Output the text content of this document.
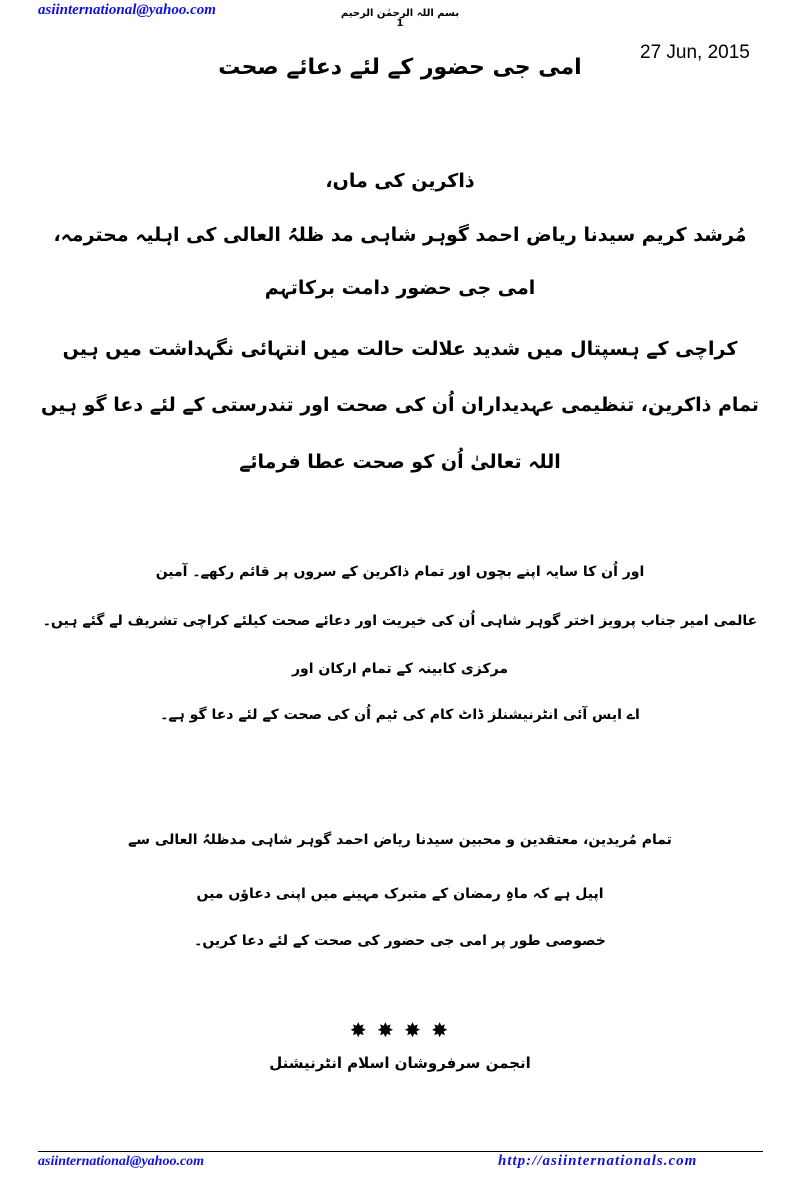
asiinternational@yahoo.com	بسم اللہ الرحمٰن الرحیم
1
27 Jun, 2015
امی جی حضور کے لئے دعائے صحت
ذاکرین کی ماں،
مُرشد کریم سیدنا ریاض احمد گوہر شاہی مد ظلہُ العالی کی اہلیہ محترمہ،
امی جی حضور دامت برکاتہم
کراچی کے ہسپتال میں شدید علالت حالت میں انتہائی نگہداشت میں ہیں
تمام ذاکرین، تنظیمی عہدیداران اُن کی صحت اور تندرستی کے لئے دعا گو ہیں
اللہ تعالیٰ اُن کو صحت عطا فرمائے
اور اُن کا سایہ اپنے بچوں اور تمام ذاکرین کے سروں پر قائم رکھے۔ آمین
عالمی امیر جناب پرویز اختر گوہر شاہی اُن کی خیریت اور دعائے صحت کیلئے کراچی تشریف لے گئے ہیں۔
مرکزی کابینہ کے تمام ارکان اور
اے ایس آئی انٹرنیشنلز ڈاٹ کام کی ٹیم اُن کی صحت کے لئے دعا گو ہے۔
تمام مُریدین، معتقدین و محبین سیدنا ریاض احمد گوہر شاہی مدظلہُ العالی سے
اپیل ہے کہ ماہِ رمضان کے متبرک مہینے میں اپنی دعاؤں میں
خصوصی طور پر امی جی حضور کی صحت کے لئے دعا کریں۔
✸ ✸ ✸ ✸
انجمن سرفروشان اسلام انٹرنیشنل
asiinternational@yahoo.com	http://asiinternationals.com
